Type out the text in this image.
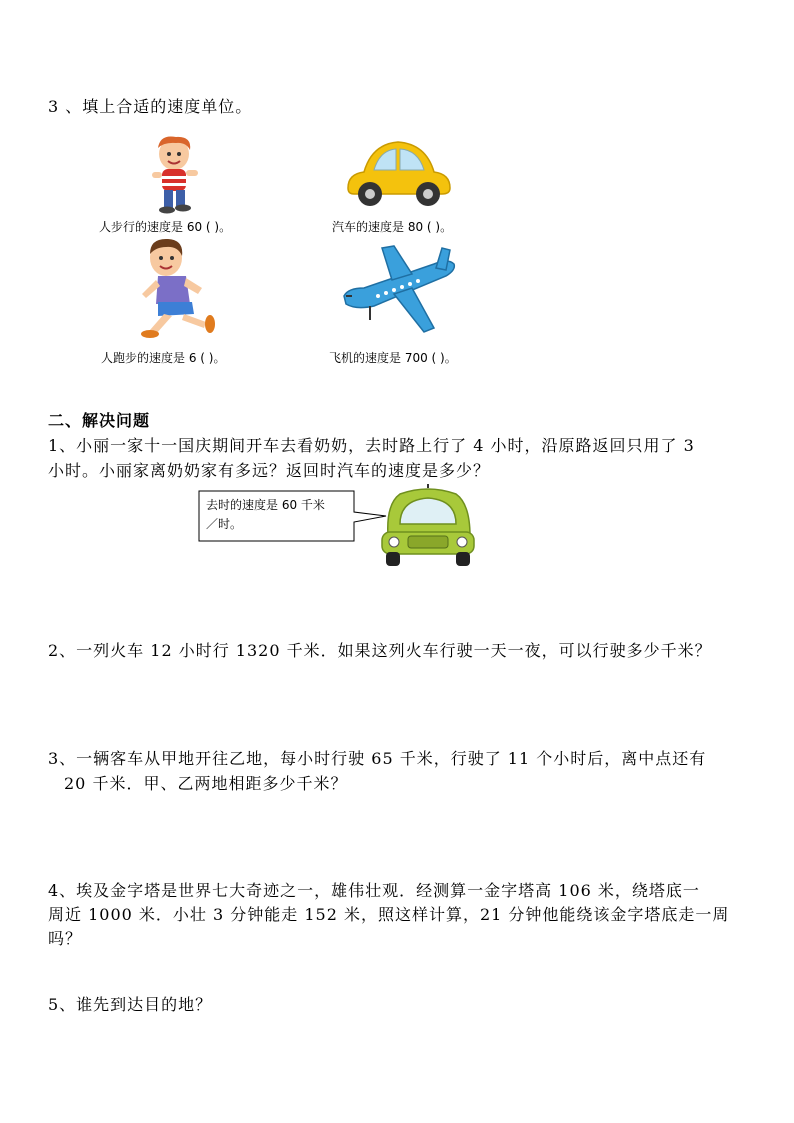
3 、填上合适的速度单位。
人步行的速度是 60 ( )。	汽车的速度是 80 ( )。
人跑步的速度是 6 ( )。	飞机的速度是 700 ( )。
二、解决问题
1、小丽一家十一国庆期间开车去看奶奶，去时路上行了 4 小时，沿原路返回只用了 3
小时。小丽家离奶奶家有多远？返回时汽车的速度是多少？
去时的速度是 60 千米
／时。
2、一列火车 12 小时行 1320 千米．如果这列火车行驶一天一夜，可以行驶多少千米？
3、一辆客车从甲地开往乙地，每小时行驶 65 千米，行驶了 11 个小时后，离中点还有
20 千米．甲、乙两地相距多少千米？
4、埃及金字塔是世界七大奇迹之一，雄伟壮观．经测算一金字塔高 106 米，绕塔底一
周近 1000 米．小壮 3 分钟能走 152 米，照这样计算，21 分钟他能绕该金字塔底走一周
吗？
5、谁先到达目的地？
